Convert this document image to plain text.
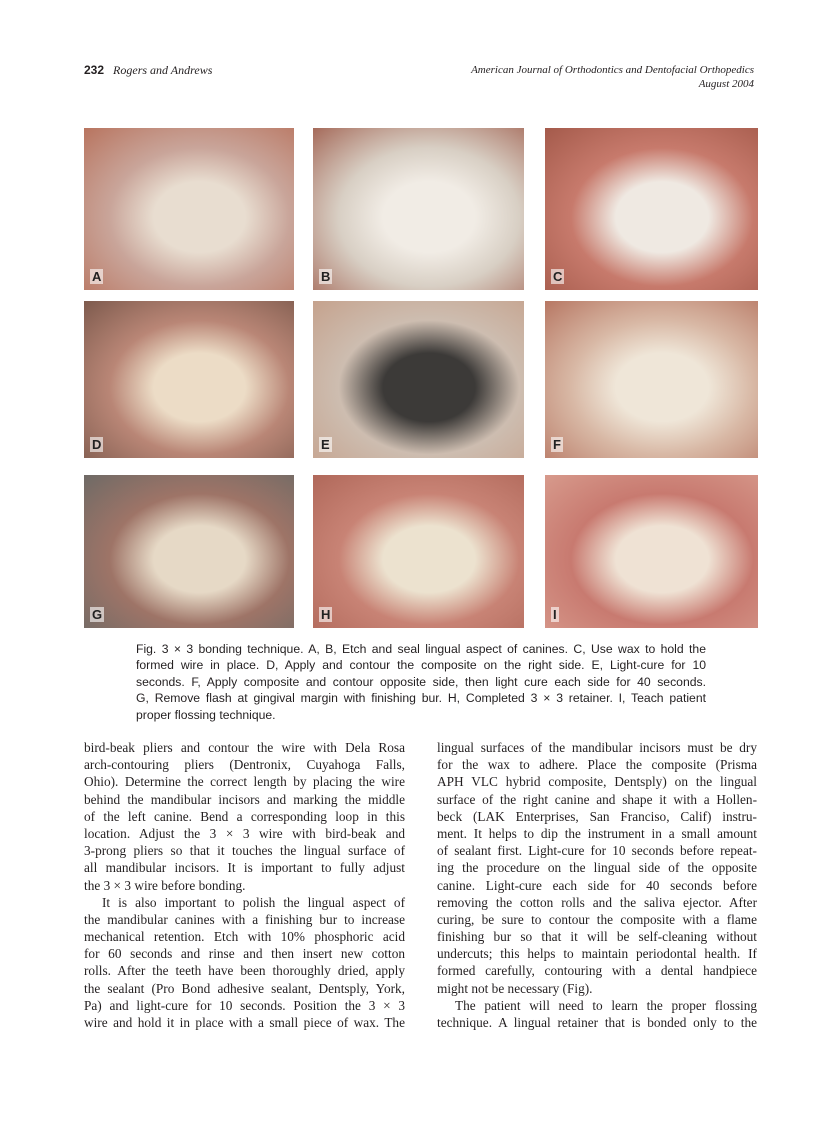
232 Rogers and Andrews	American Journal of Orthodontics and Dentofacial Orthopedics
August 2004
A	B	C
D	E	F
G	H	I
Fig. 3 × 3 bonding technique. A, B, Etch and seal lingual aspect of canines. C, Use wax to hold the
formed wire in place. D, Apply and contour the composite on the right side. E, Light-cure for 10
seconds. F, Apply composite and contour opposite side, then light cure each side for 40 seconds.
G, Remove flash at gingival margin with finishing bur. H, Completed 3 × 3 retainer. I, Teach patient
proper flossing technique.
bird-beak pliers and contour the wire with Dela Rosa
arch-contouring pliers (Dentronix, Cuyahoga Falls,
Ohio). Determine the correct length by placing the wire
behind the mandibular incisors and marking the middle
of the left canine. Bend a corresponding loop in this
location. Adjust the 3 × 3 wire with bird-beak and
3-prong pliers so that it touches the lingual surface of
all mandibular incisors. It is important to fully adjust
the 3 × 3 wire before bonding.
It is also important to polish the lingual aspect of
the mandibular canines with a finishing bur to increase
mechanical retention. Etch with 10% phosphoric acid
for 60 seconds and rinse and then insert new cotton
rolls. After the teeth have been thoroughly dried, apply
the sealant (Pro Bond adhesive sealant, Dentsply, York,
Pa) and light-cure for 10 seconds. Position the 3 × 3
wire and hold it in place with a small piece of wax. The
lingual surfaces of the mandibular incisors must be dry
for the wax to adhere. Place the composite (Prisma
APH VLC hybrid composite, Dentsply) on the lingual
surface of the right canine and shape it with a Hollen-
beck (LAK Enterprises, San Franciso, Calif) instru-
ment. It helps to dip the instrument in a small amount
of sealant first. Light-cure for 10 seconds before repeat-
ing the procedure on the lingual side of the opposite
canine. Light-cure each side for 40 seconds before
removing the cotton rolls and the saliva ejector. After
curing, be sure to contour the composite with a flame
finishing bur so that it will be self-cleaning without
undercuts; this helps to maintain periodontal health. If
formed carefully, contouring with a dental handpiece
might not be necessary (Fig).
The patient will need to learn the proper flossing
technique. A lingual retainer that is bonded only to the
